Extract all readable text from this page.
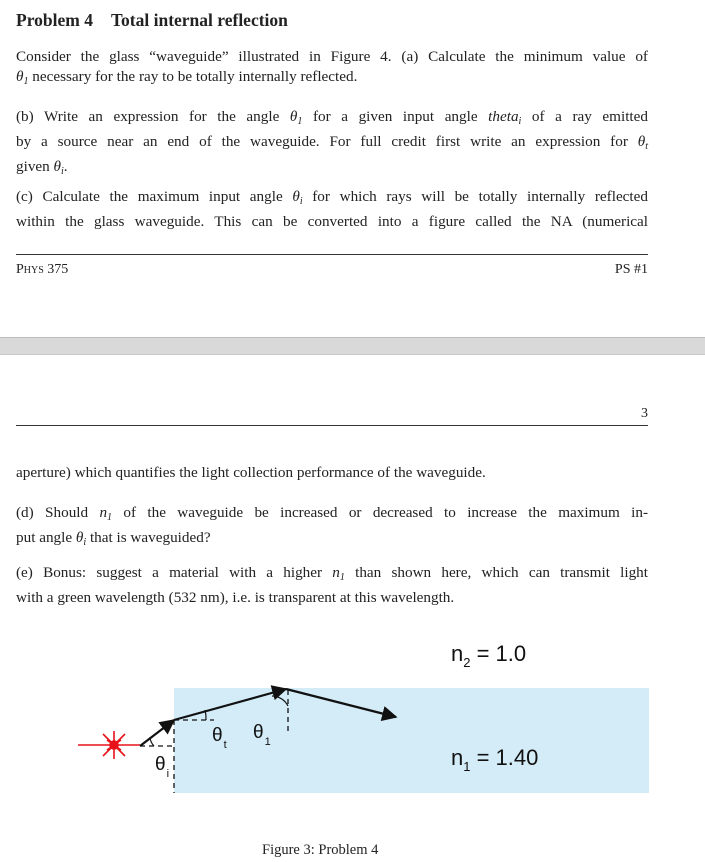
Problem 4 Total internal reflection
Consider the glass “waveguide” illustrated in Figure 4. (a) Calculate the minimum value of
$\theta_1$ necessary for the ray to be totally internally reflected.
(b) Write an expression for the angle $\theta_1$ for a given input angle theta$_i$ of a ray emitted
by a source near an end of the waveguide. For full credit first write an expression for $\theta_t$
given $\theta_i$.
(c) Calculate the maximum input angle $\theta_i$ for which rays will be totally internally reflected
within the glass waveguide. This can be converted into a figure called the NA (numerical
Phys 375	PS #1
3
aperture) which quantifies the light collection performance of the waveguide.
(d) Should $n_1$ of the waveguide be increased or decreased to increase the maximum in-
put angle $\theta_i$ that is waveguided?
(e) Bonus: suggest a material with a higher $n_1$ than shown here, which can transmit light
with a green wavelength (532 nm), i.e. is transparent at this wavelength.
$\theta_t$
$\theta_1$
$\theta_i$
$n_2 = 1.0$
$n_1 = 1.40$
Figure 3: Problem 4
